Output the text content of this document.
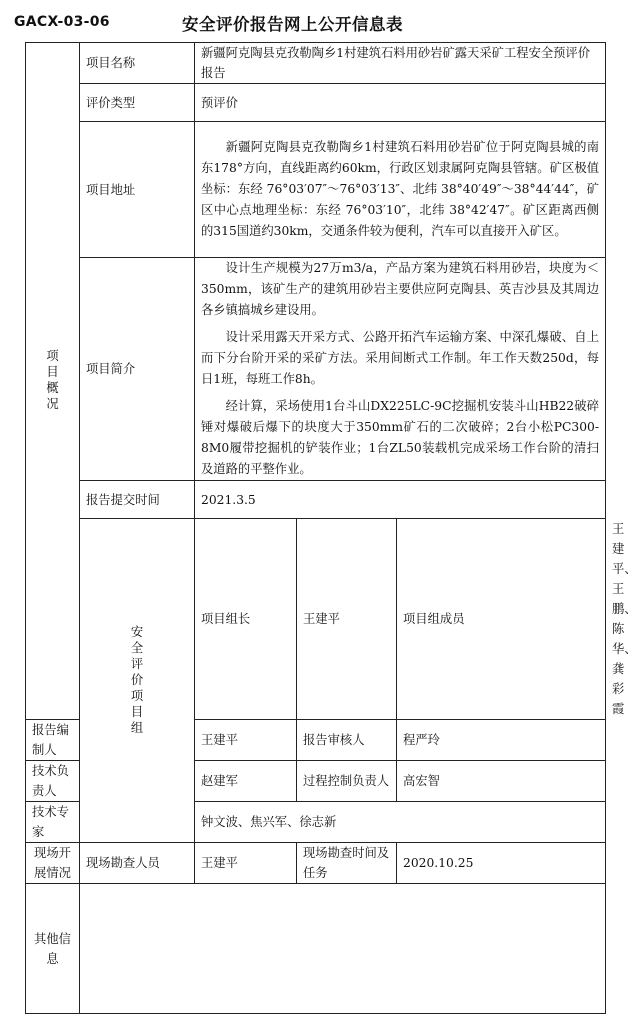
GACX-03-06	安全评价报告网上公开信息表
项目概况	项目名称	新疆阿克陶县克孜勒陶乡1村建筑石料用砂岩矿露天采矿工程安全预评价报告			
	评价类型	预评价			
	项目地址	新疆阿克陶县克孜勒陶乡1村建筑石料用砂岩矿位于阿克陶县城的南东178°方向，直线距离约60km，行政区划隶属阿克陶县管辖。矿区极值坐标：东经 76°03′07″～76°03′13″、北纬 38°40′49″～38°44′44″，矿区中心点地理坐标：东经 76°03′10″，北纬 38°42′47″。矿区距离西侧的315国道约30km，交通条件较为便利，汽车可以直接开入矿区。			

	项目简介	设计生产规模为27万m3/a，产品方案为建筑石料用砂岩，块度为＜350mm，该矿生产的建筑用砂岩主要供应阿克陶县、英吉沙县及其周边各乡镇搞城乡建设用。
设计采用露天开采方式、公路开拓汽车运输方案、中深孔爆破、自上而下分台阶开采的采矿方法。采用间断式工作制。年工作天数250d，每日1班，每班工作8h。
经计算，采场使用1台斗山DX225LC-9C挖掘机安装斗山HB22破碎锤对爆破后爆下的块度大于350mm矿石的二次破碎；2台小松PC300-8M0履带挖掘机的铲装作业；1台ZL50装载机完成采场工作台阶的清扫及道路的平整作业。			

	报告提交时间	2021.3.5			
	安全评价项目组	项目组长	王建平	项目组成员	王建平、王鹏、陈华、龚彩霞
报告编制人		王建平	报告审核人	程严玲	
技术负责人		赵建军	过程控制负责人	高宏智	
技术专家		钟文波、焦兴军、徐志新			
现场开展情况	现场勘查人员	王建平	现场勘查时间及任务	2020.10.25	
其他信息					
